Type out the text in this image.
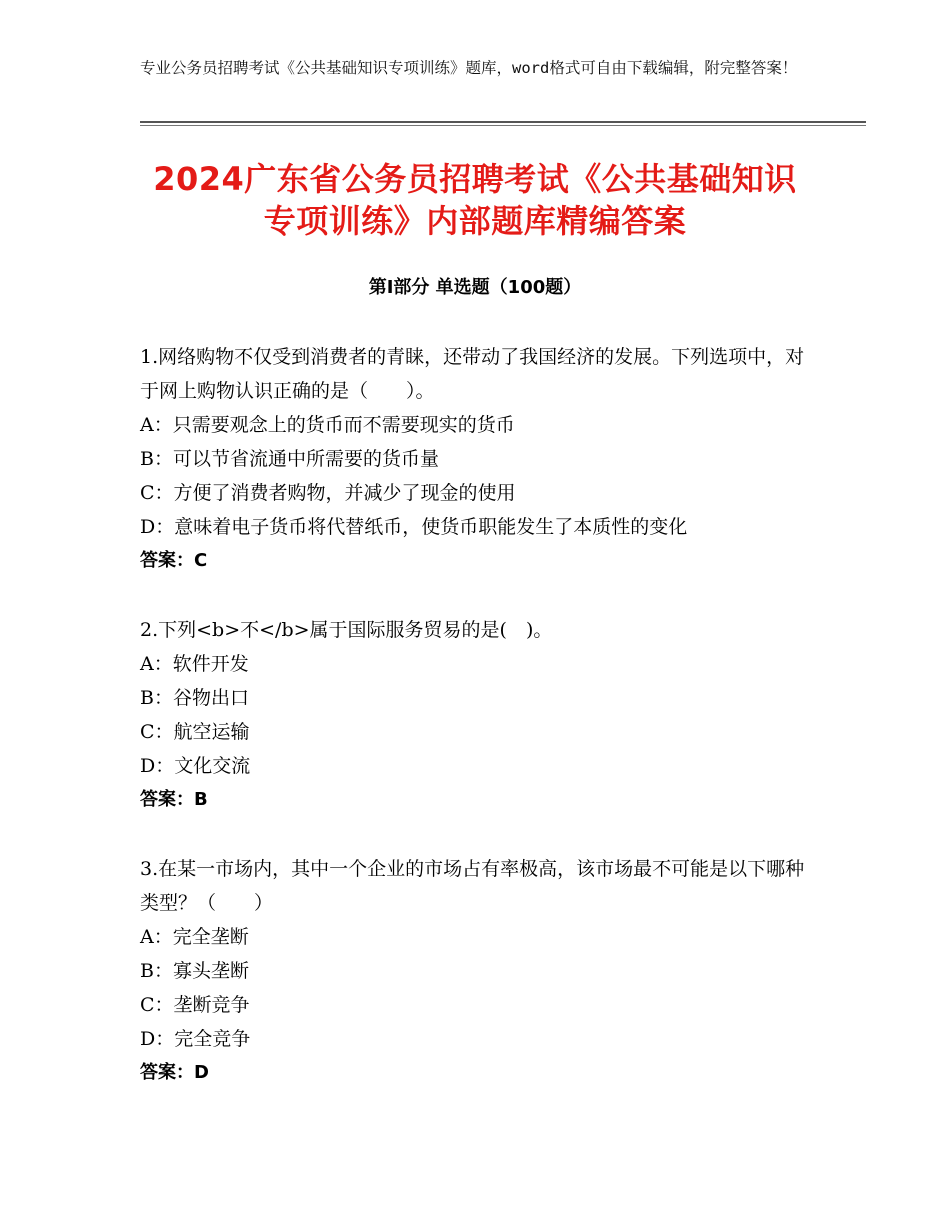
专业公务员招聘考试《公共基础知识专项训练》题库，word格式可自由下载编辑，附完整答案！
2024广东省公务员招聘考试《公共基础知识
专项训练》内部题库精编答案
第Ⅰ部分 单选题（100题）
1.网络购物不仅受到消费者的青睐，还带动了我国经济的发展。下列选项中，对于网上购物认识正确的是（　　）。
A：只需要观念上的货币而不需要现实的货币
B：可以节省流通中所需要的货币量
C：方便了消费者购物，并减少了现金的使用
D：意味着电子货币将代替纸币，使货币职能发生了本质性的变化
答案：C
2.下列<b>不</b>属于国际服务贸易的是(　)。
A：软件开发
B：谷物出口
C：航空运输
D：文化交流
答案：B
3.在某一市场内，其中一个企业的市场占有率极高，该市场最不可能是以下哪种类型？（　　）
A：完全垄断
B：寡头垄断
C：垄断竞争
D：完全竞争
答案：D
